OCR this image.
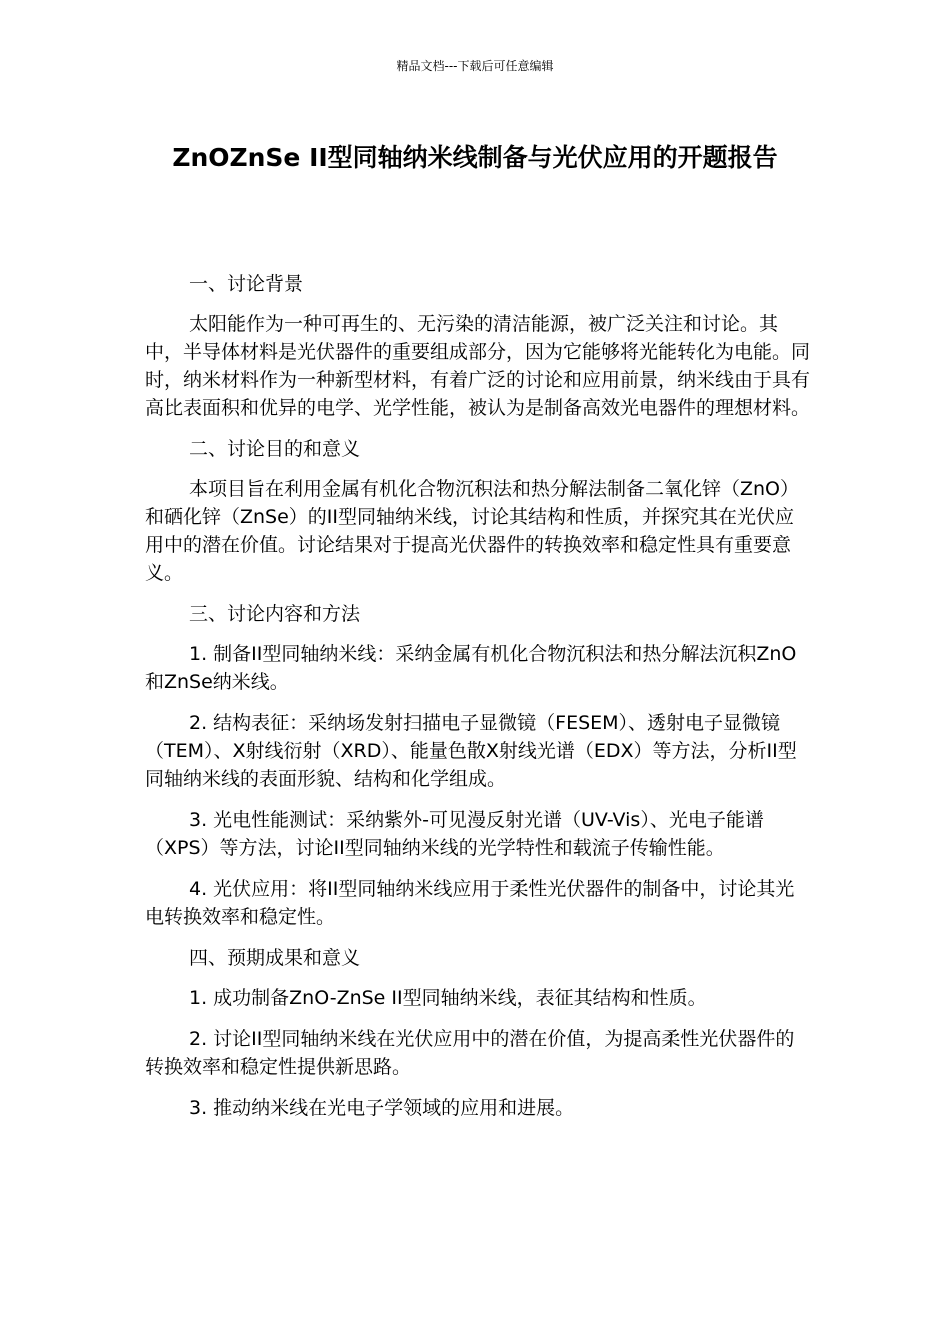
精品文档---下载后可任意编辑
ZnOZnSe II型同轴纳米线制备与光伏应用的开题报告

一、讨论背景

太阳能作为一种可再生的、无污染的清洁能源，被广泛关注和讨论。其中，半导体材料是光伏器件的重要组成部分，因为它能够将光能转化为电能。同时，纳米材料作为一种新型材料，有着广泛的讨论和应用前景，纳米线由于具有高比表面积和优异的电学、光学性能，被认为是制备高效光电器件的理想材料。

二、讨论目的和意义

本项目旨在利用金属有机化合物沉积法和热分解法制备二氧化锌（ZnO）和硒化锌（ZnSe）的II型同轴纳米线，讨论其结构和性质，并探究其在光伏应用中的潜在价值。讨论结果对于提高光伏器件的转换效率和稳定性具有重要意义。

三、讨论内容和方法

1. 制备II型同轴纳米线：采纳金属有机化合物沉积法和热分解法沉积ZnO和ZnSe纳米线。

2. 结构表征：采纳场发射扫描电子显微镜（FESEM）、透射电子显微镜（TEM）、X射线衍射（XRD）、能量色散X射线光谱（EDX）等方法，分析II型同轴纳米线的表面形貌、结构和化学组成。

3. 光电性能测试：采纳紫外-可见漫反射光谱（UV-Vis）、光电子能谱（XPS）等方法，讨论II型同轴纳米线的光学特性和载流子传输性能。

4. 光伏应用：将II型同轴纳米线应用于柔性光伏器件的制备中，讨论其光电转换效率和稳定性。

四、预期成果和意义

1. 成功制备ZnO-ZnSe II型同轴纳米线，表征其结构和性质。

2. 讨论II型同轴纳米线在光伏应用中的潜在价值，为提高柔性光伏器件的转换效率和稳定性提供新思路。

3. 推动纳米线在光电子学领域的应用和进展。
